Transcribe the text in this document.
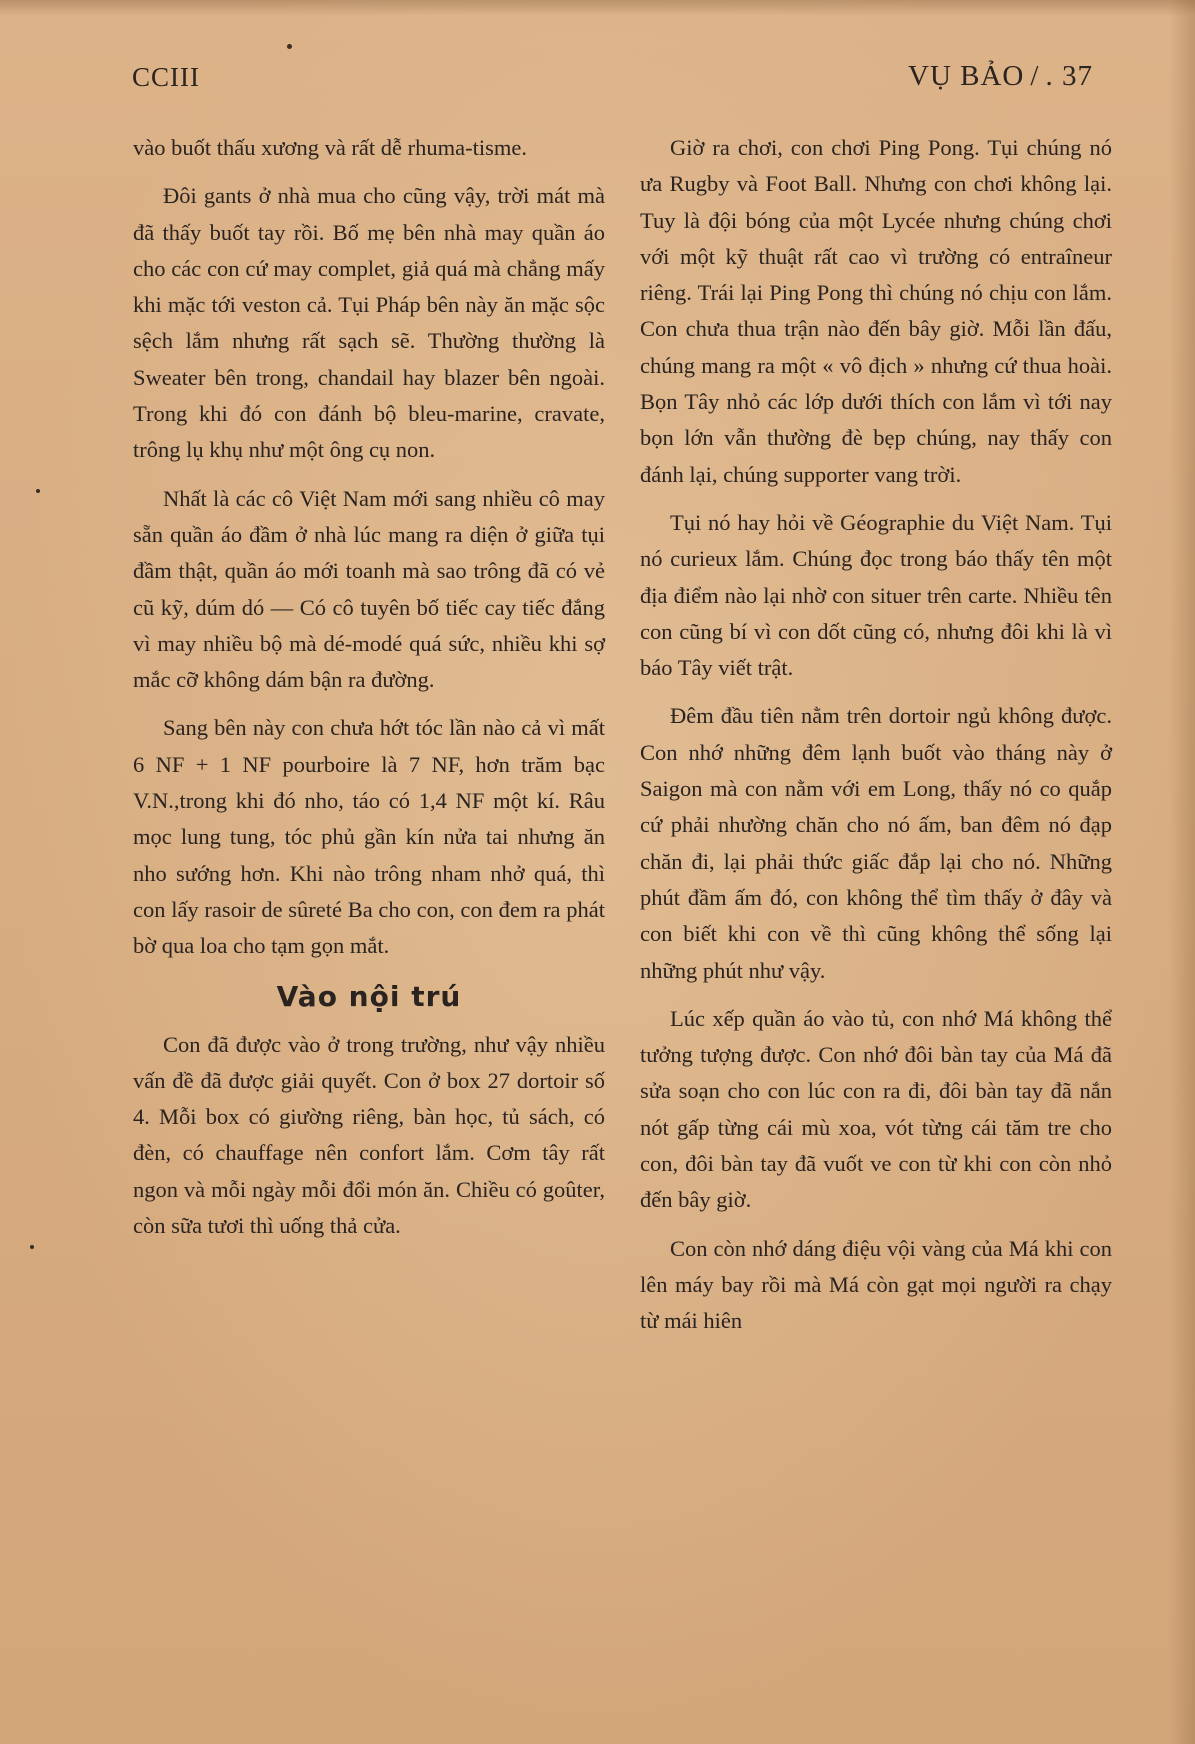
CCIII	VỤ BẢO / . 37

vào buốt thấu xương và rất dễ rhuma-tisme.

Đôi gants ở nhà mua cho cũng vậy, trời mát mà đã thấy buốt tay rồi. Bố mẹ bên nhà may quần áo cho các con cứ may complet, giả quá mà chẳng mấy khi mặc tới veston cả. Tụi Pháp bên này ăn mặc sộc sệch lắm nhưng rất sạch sẽ. Thường thường là Sweater bên trong, chandail hay blazer bên ngoài. Trong khi đó con đánh bộ bleu-marine, cravate, trông lụ khụ như một ông cụ non.

Nhất là các cô Việt Nam mới sang nhiều cô may sẵn quần áo đầm ở nhà lúc mang ra diện ở giữa tụi đầm thật, quần áo mới toanh mà sao trông đã có vẻ cũ kỹ, dúm dó — Có cô tuyên bố tiếc cay tiếc đắng vì may nhiều bộ mà dé-modé quá sức, nhiều khi sợ mắc cỡ không dám bận ra đường.

Sang bên này con chưa hớt tóc lần nào cả vì mất 6 NF + 1 NF pourboire là 7 NF, hơn trăm bạc V.N.,trong khi đó nho, táo có 1,4 NF một kí. Râu mọc lung tung, tóc phủ gần kín nửa tai nhưng ăn nho sướng hơn. Khi nào trông nham nhở quá, thì con lấy rasoir de sûreté Ba cho con, con đem ra phát bờ qua loa cho tạm gọn mắt.

Vào nội trú

Con đã được vào ở trong trường, như vậy nhiều vấn đề đã được giải quyết. Con ở box 27 dortoir số 4. Mỗi box có giường riêng, bàn học, tủ sách, có đèn, có chauffage nên confort lắm. Cơm tây rất ngon và mỗi ngày mỗi đổi món ăn. Chiều có goûter, còn sữa tươi thì uống thả cửa.

Giờ ra chơi, con chơi Ping Pong. Tụi chúng nó ưa Rugby và Foot Ball. Nhưng con chơi không lại. Tuy là đội bóng của một Lycée nhưng chúng chơi với một kỹ thuật rất cao vì trường có entraîneur riêng. Trái lại Ping Pong thì chúng nó chịu con lắm. Con chưa thua trận nào đến bây giờ. Mỗi lần đấu, chúng mang ra một « vô địch » nhưng cứ thua hoài. Bọn Tây nhỏ các lớp dưới thích con lắm vì tới nay bọn lớn vẫn thường đè bẹp chúng, nay thấy con đánh lại, chúng supporter vang trời.

Tụi nó hay hỏi về Géographie du Việt Nam. Tụi nó curieux lắm. Chúng đọc trong báo thấy tên một địa điểm nào lại nhờ con situer trên carte. Nhiều tên con cũng bí vì con dốt cũng có, nhưng đôi khi là vì báo Tây viết trật.

Đêm đầu tiên nằm trên dortoir ngủ không được. Con nhớ những đêm lạnh buốt vào tháng này ở Saigon mà con nằm với em Long, thấy nó co quắp cứ phải nhường chăn cho nó ấm, ban đêm nó đạp chăn đi, lại phải thức giấc đắp lại cho nó. Những phút đầm ấm đó, con không thể tìm thấy ở đây và con biết khi con về thì cũng không thể sống lại những phút như vậy.

Lúc xếp quần áo vào tủ, con nhớ Má không thể tưởng tượng được. Con nhớ đôi bàn tay của Má đã sửa soạn cho con lúc con ra đi, đôi bàn tay đã nắn nót gấp từng cái mù xoa, vót từng cái tăm tre cho con, đôi bàn tay đã vuốt ve con từ khi con còn nhỏ đến bây giờ.

Con còn nhớ dáng điệu vội vàng của Má khi con lên máy bay rồi mà Má còn gạt mọi người ra chạy từ mái hiên
